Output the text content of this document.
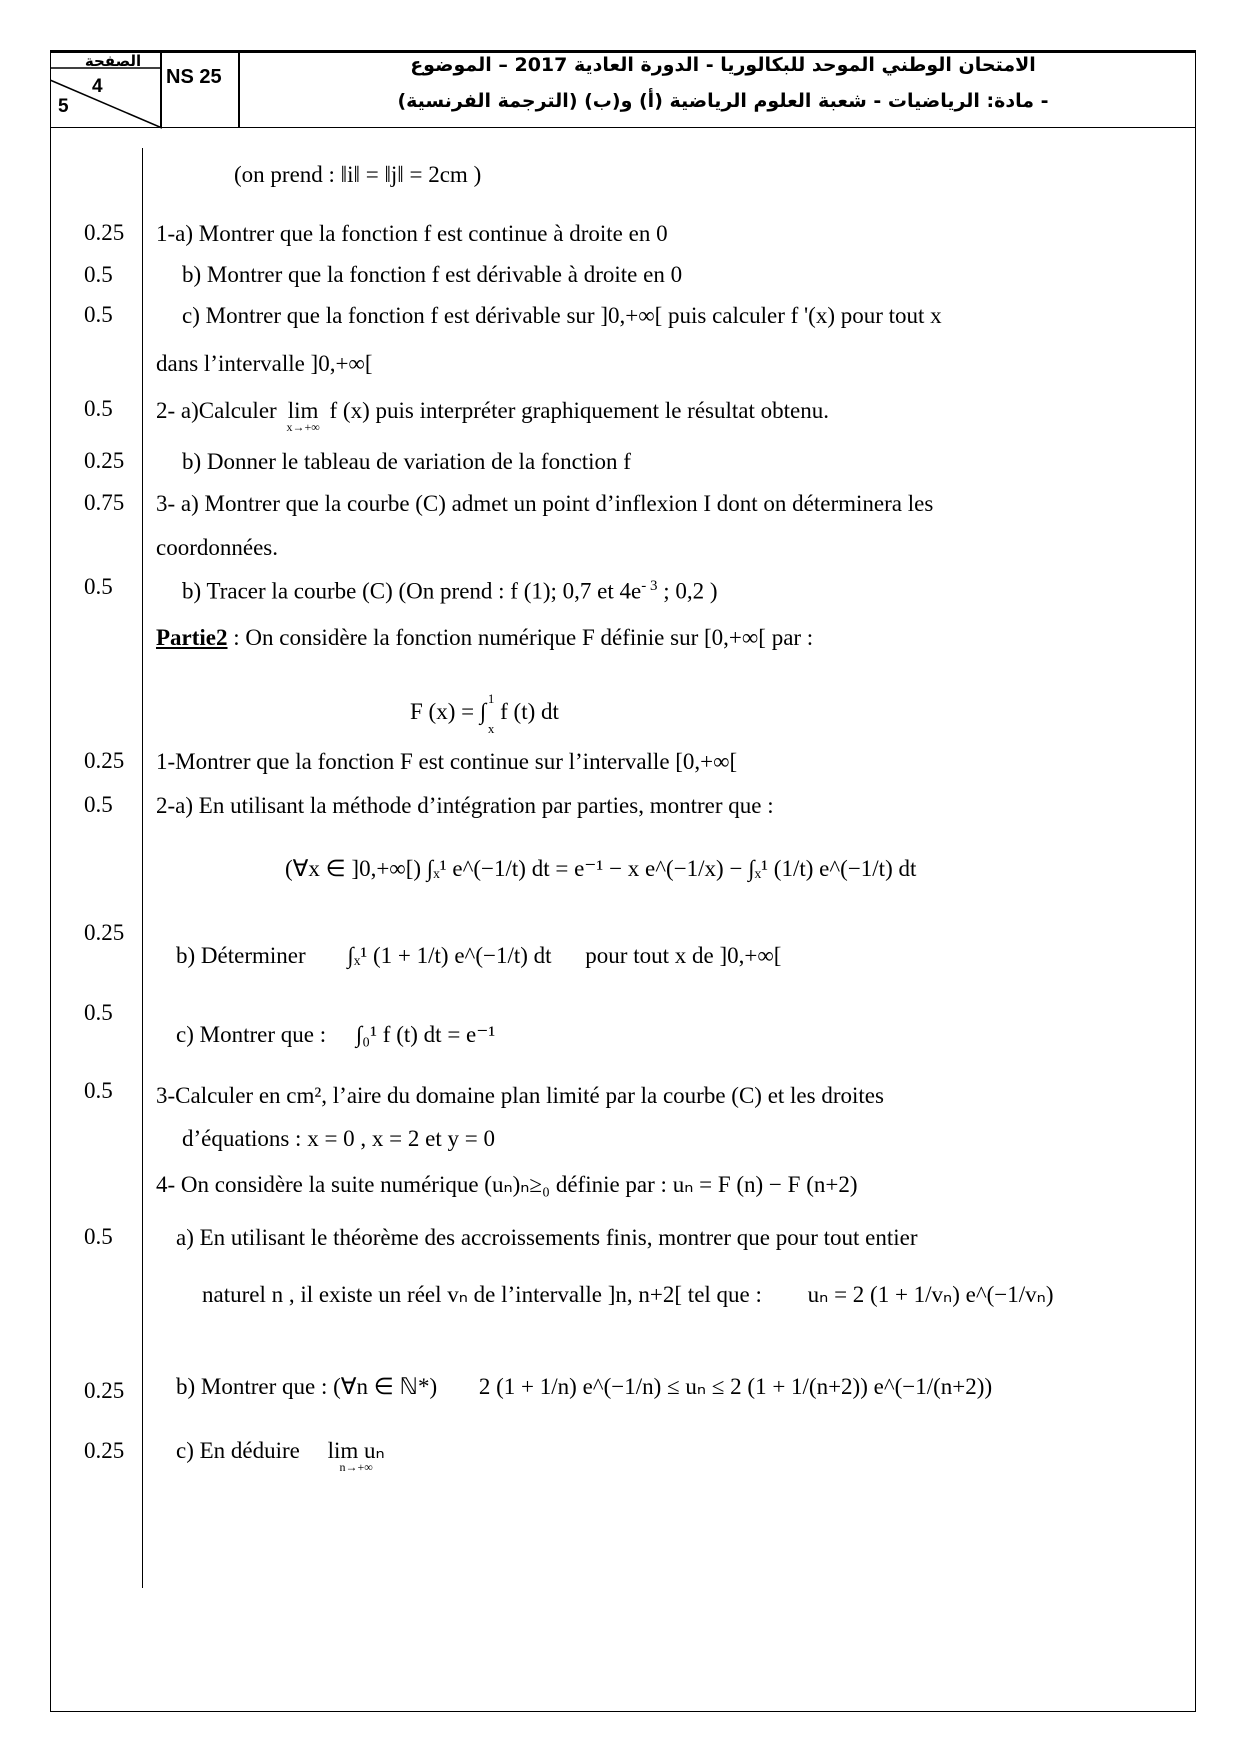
الصفحة
4
5
NS 25
الامتحان الوطني الموحد للبكالوريا - الدورة العادية 2017 – الموضوع
- مادة: الرياضيات - شعبة العلوم الرياضية (أ) و(ب) (الترجمة الفرنسية)
0.25
0.5
0.5
0.5
0.25
0.75
0.5
0.25
0.5
0.25
0.5
0.5
0.5
0.25
0.25
(on prend : ‖i‖ = ‖j‖ = 2cm )
1-a) Montrer que la fonction f est continue à droite en 0
b) Montrer que la fonction f est dérivable à droite en 0
c) Montrer que la fonction f est dérivable sur ]0,+∞[ puis calculer f '(x) pour tout x
dans l’intervalle ]0,+∞[
2- a)Calculer lim
x→+∞
f (x) puis interpréter graphiquement le résultat obtenu.
b) Donner le tableau de variation de la fonction f
3- a) Montrer que la courbe (C) admet un point d’inflexion I dont on déterminera les
coordonnées.
b) Tracer la courbe (C) (On prend : f (1); 0,7 et $4e^{- 3}$ ; 0,2 )
Partie2 : On considère la fonction numérique F définie sur [0,+∞[ par :
F (x) = ∫
1
x
f (t) dt
1-Montrer que la fonction F est continue sur l’intervalle [0,+∞[
2-a) En utilisant la méthode d’intégration par parties, montrer que :
(∀x ∈ ]0,+∞[) ∫ₓ¹ e^(−1/t) dt = e⁻¹ − x e^(−1/x) − ∫ₓ¹ (1/t) e^(−1/t) dt
b) Déterminer ∫ₓ¹ (1 + 1/t) e^(−1/t) dt pour tout x de ]0,+∞[
c) Montrer que : ∫₀¹ f (t) dt = e⁻¹
3-Calculer en cm², l’aire du domaine plan limité par la courbe (C) et les droites
d’équations : x = 0 , x = 2 et y = 0
4- On considère la suite numérique (uₙ)ₙ≥₀ définie par : uₙ = F (n) − F (n+2)
a) En utilisant le théorème des accroissements finis, montrer que pour tout entier
naturel n , il existe un réel vₙ de l’intervalle ]n, n+2[ tel que : uₙ = 2 (1 + 1/vₙ) e^(−1/vₙ)
b) Montrer que : (∀n ∈ ℕ*) 2 (1 + 1/n) e^(−1/n) ≤ uₙ ≤ 2 (1 + 1/(n+2)) e^(−1/(n+2))
c) En déduire lim uₙ
n→+∞
